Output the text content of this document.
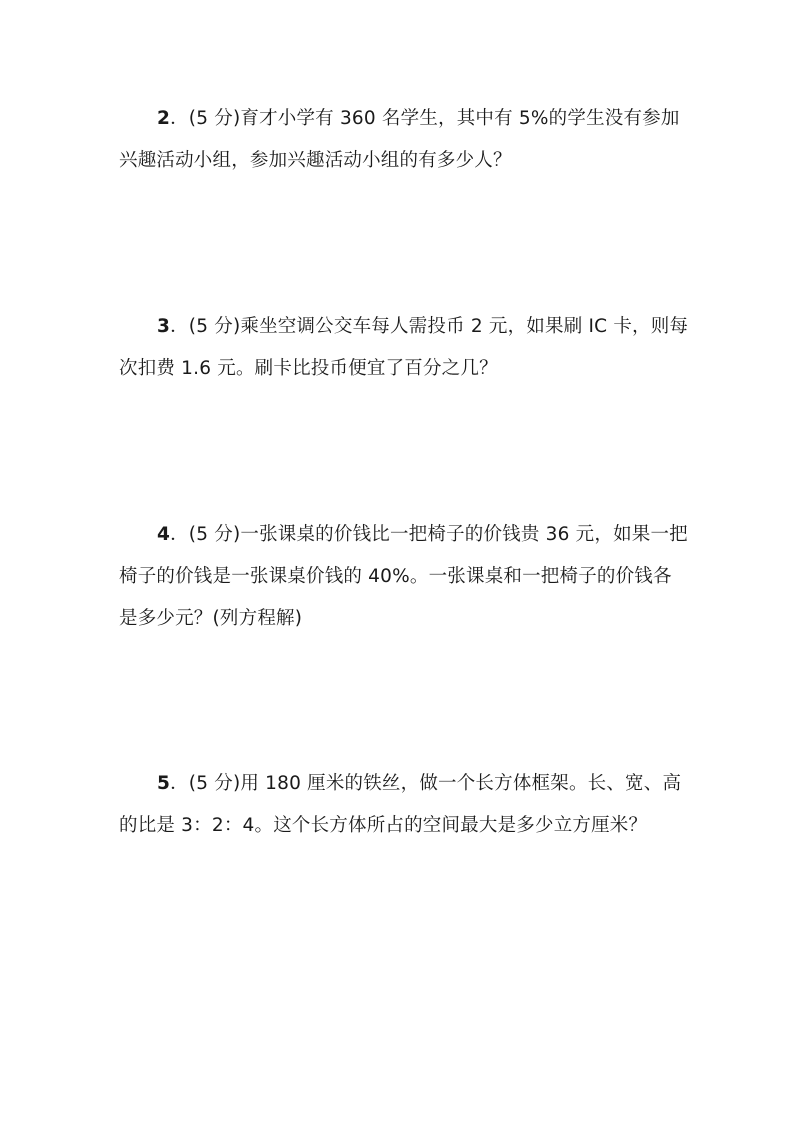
2．(5 分)育才小学有 360 名学生，其中有 5%的学生没有参加

兴趣活动小组，参加兴趣活动小组的有多少人？

3．(5 分)乘坐空调公交车每人需投币 2 元，如果刷 IC 卡，则每

次扣费 1.6 元。刷卡比投币便宜了百分之几？

4．(5 分)一张课桌的价钱比一把椅子的价钱贵 36 元，如果一把

椅子的价钱是一张课桌价钱的 40%。一张课桌和一把椅子的价钱各

是多少元？(列方程解)

5．(5 分)用 180 厘米的铁丝，做一个长方体框架。长、宽、高

的比是 3：2：4。这个长方体所占的空间最大是多少立方厘米？
